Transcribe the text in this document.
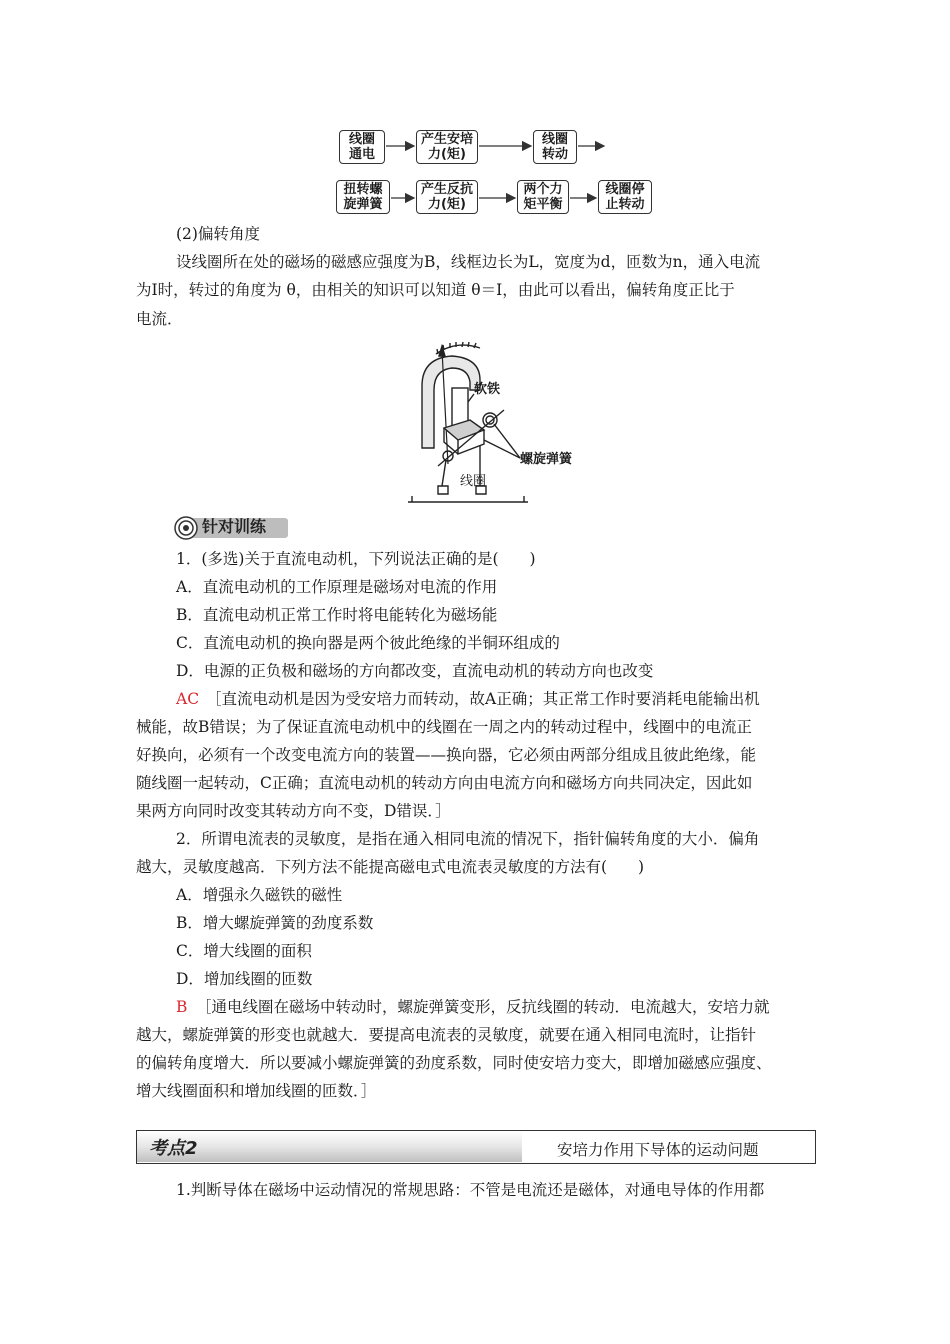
线圈
通电
产生安培
力(矩)
线圈
转动
扭转螺
旋弹簧
产生反抗
力(矩)
两个力
矩平衡
线圈停
止转动
(2)偏转角度
设线圈所在处的磁场的磁感应强度为B，线框边长为L，宽度为d，匝数为n，通入电流
为I时，转过的角度为 θ，由相关的知识可以知道 θ＝I，由此可以看出，偏转角度正比于
电流．
软铁
螺旋弹簧
线圈
针对训练
1．(多选)关于直流电动机，下列说法正确的是(　　)
A．直流电动机的工作原理是磁场对电流的作用
B．直流电动机正常工作时将电能转化为磁场能
C．直流电动机的换向器是两个彼此绝缘的半铜环组成的
D．电源的正负极和磁场的方向都改变，直流电动机的转动方向也改变
AC ［直流电动机是因为受安培力而转动，故A正确；其正常工作时要消耗电能输出机
械能，故B错误；为了保证直流电动机中的线圈在一周之内的转动过程中，线圈中的电流正
好换向，必须有一个改变电流方向的装置——换向器，它必须由两部分组成且彼此绝缘，能
随线圈一起转动，C正确；直流电动机的转动方向由电流方向和磁场方向共同决定，因此如
果两方向同时改变其转动方向不变，D错误．］
2．所谓电流表的灵敏度，是指在通入相同电流的情况下，指针偏转角度的大小．偏角
越大，灵敏度越高．下列方法不能提高磁电式电流表灵敏度的方法有(　　)
A．增强永久磁铁的磁性
B．增大螺旋弹簧的劲度系数
C．增大线圈的面积
D．增加线圈的匝数
B ［通电线圈在磁场中转动时，螺旋弹簧变形，反抗线圈的转动．电流越大，安培力就
越大，螺旋弹簧的形变也就越大．要提高电流表的灵敏度，就要在通入相同电流时，让指针
的偏转角度增大．所以要减小螺旋弹簧的劲度系数，同时使安培力变大，即增加磁感应强度、
增大线圈面积和增加线圈的匝数．］
考点2	安培力作用下导体的运动问题
1.判断导体在磁场中运动情况的常规思路：不管是电流还是磁体，对通电导体的作用都
